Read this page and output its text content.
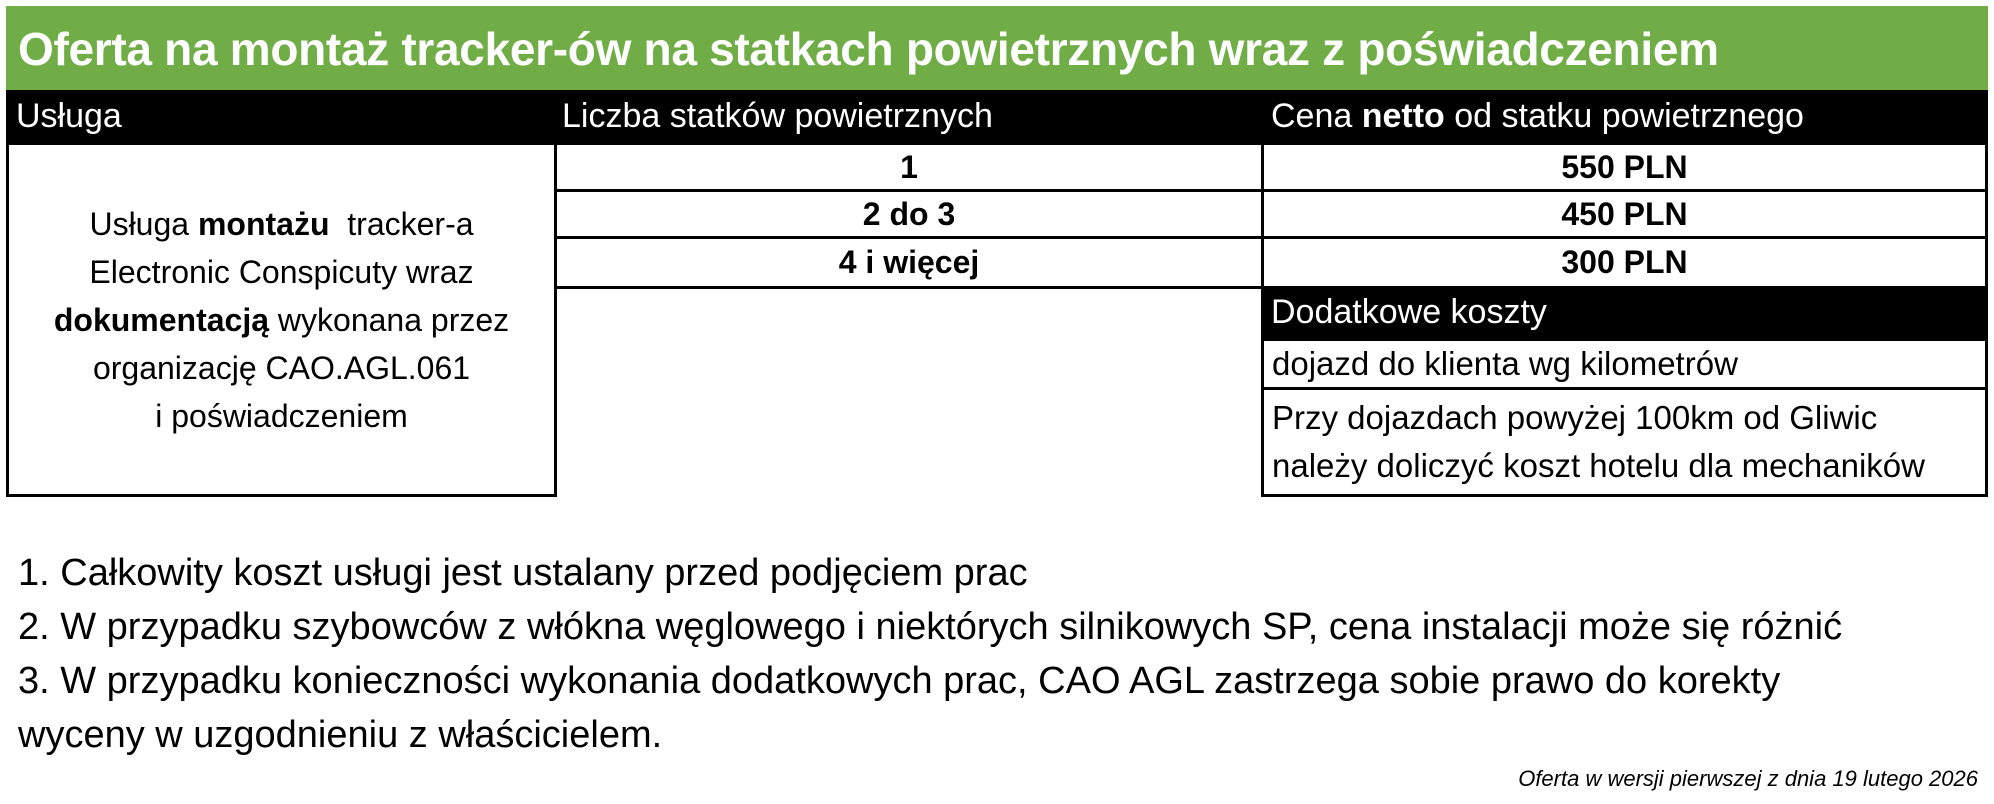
Oferta na montaż tracker-ów na statkach powietrznych wraz z poświadczeniem
Usługa	Liczba statków powietrznych	Cena netto od statku powietrznego
Usługa montażu  tracker-a
Electronic Conspicuty wraz
dokumentacją wykonana przez
organizację CAO.AGL.061
i poświadczeniem
1
2 do 3
4 i więcej
550 PLN
450 PLN
300 PLN
Dodatkowe koszty
dojazd do klienta wg kilometrów
Przy dojazdach powyżej 100km od Gliwic
należy doliczyć koszt hotelu dla mechaników
1. Całkowity koszt usługi jest ustalany przed podjęciem prac
2. W przypadku szybowców z włókna węglowego i niektórych silnikowych SP, cena instalacji może się różnić
3. W przypadku konieczności wykonania dodatkowych prac, CAO AGL zastrzega sobie prawo do korekty
wyceny w uzgodnieniu z właścicielem.
Oferta w wersji pierwszej z dnia 19 lutego 2026
